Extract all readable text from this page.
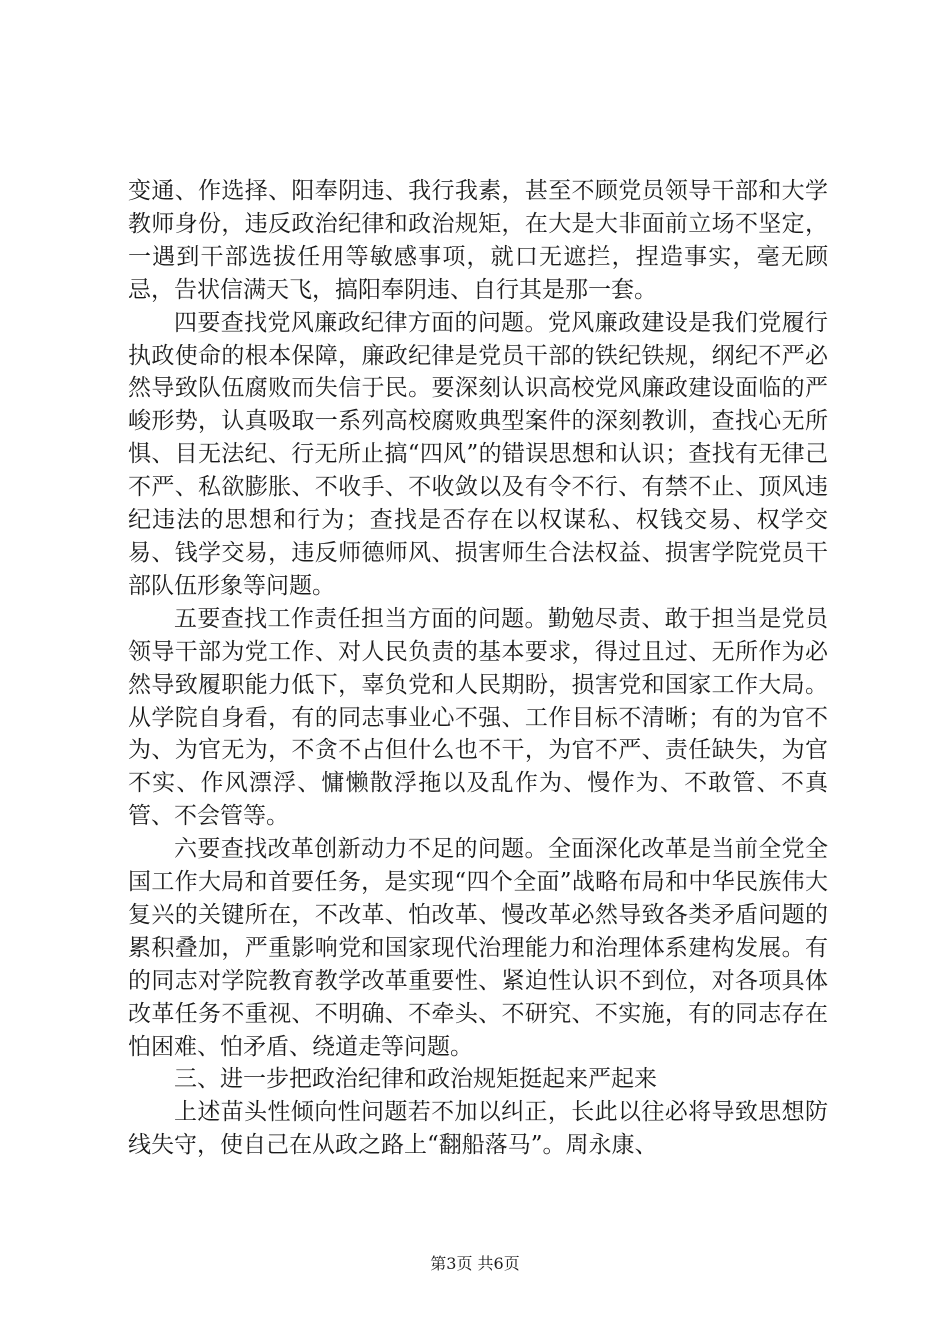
变通、作选择、阳奉阴违、我行我素，甚至不顾党员领导干部和大学教师身份，违反政治纪律和政治规矩，在大是大非面前立场不坚定，一遇到干部选拔任用等敏感事项，就口无遮拦，捏造事实，毫无顾忌，告状信满天飞，搞阳奉阴违、自行其是那一套。

四要查找党风廉政纪律方面的问题。党风廉政建设是我们党履行执政使命的根本保障，廉政纪律是党员干部的铁纪铁规，纲纪不严必然导致队伍腐败而失信于民。要深刻认识高校党风廉政建设面临的严峻形势，认真吸取一系列高校腐败典型案件的深刻教训，查找心无所惧、目无法纪、行无所止搞“四风”的错误思想和认识；查找有无律己不严、私欲膨胀、不收手、不收敛以及有令不行、有禁不止、顶风违纪违法的思想和行为；查找是否存在以权谋私、权钱交易、权学交易、钱学交易，违反师德师风、损害师生合法权益、损害学院党员干部队伍形象等问题。

五要查找工作责任担当方面的问题。勤勉尽责、敢于担当是党员领导干部为党工作、对人民负责的基本要求，得过且过、无所作为必然导致履职能力低下，辜负党和人民期盼，损害党和国家工作大局。从学院自身看，有的同志事业心不强、工作目标不清晰；有的为官不为、为官无为，不贪不占但什么也不干，为官不严、责任缺失，为官不实、作风漂浮、慵懒散浮拖以及乱作为、慢作为、不敢管、不真管、不会管等。

六要查找改革创新动力不足的问题。全面深化改革是当前全党全国工作大局和首要任务，是实现“四个全面”战略布局和中华民族伟大复兴的关键所在，不改革、怕改革、慢改革必然导致各类矛盾问题的累积叠加，严重影响党和国家现代治理能力和治理体系建构发展。有的同志对学院教育教学改革重要性、紧迫性认识不到位，对各项具体改革任务不重视、不明确、不牵头、不研究、不实施，有的同志存在怕困难、怕矛盾、绕道走等问题。

三、进一步把政治纪律和政治规矩挺起来严起来

上述苗头性倾向性问题若不加以纠正，长此以往必将导致思想防线失守，使自己在从政之路上“翻船落马”。周永康、

第3页 共6页
